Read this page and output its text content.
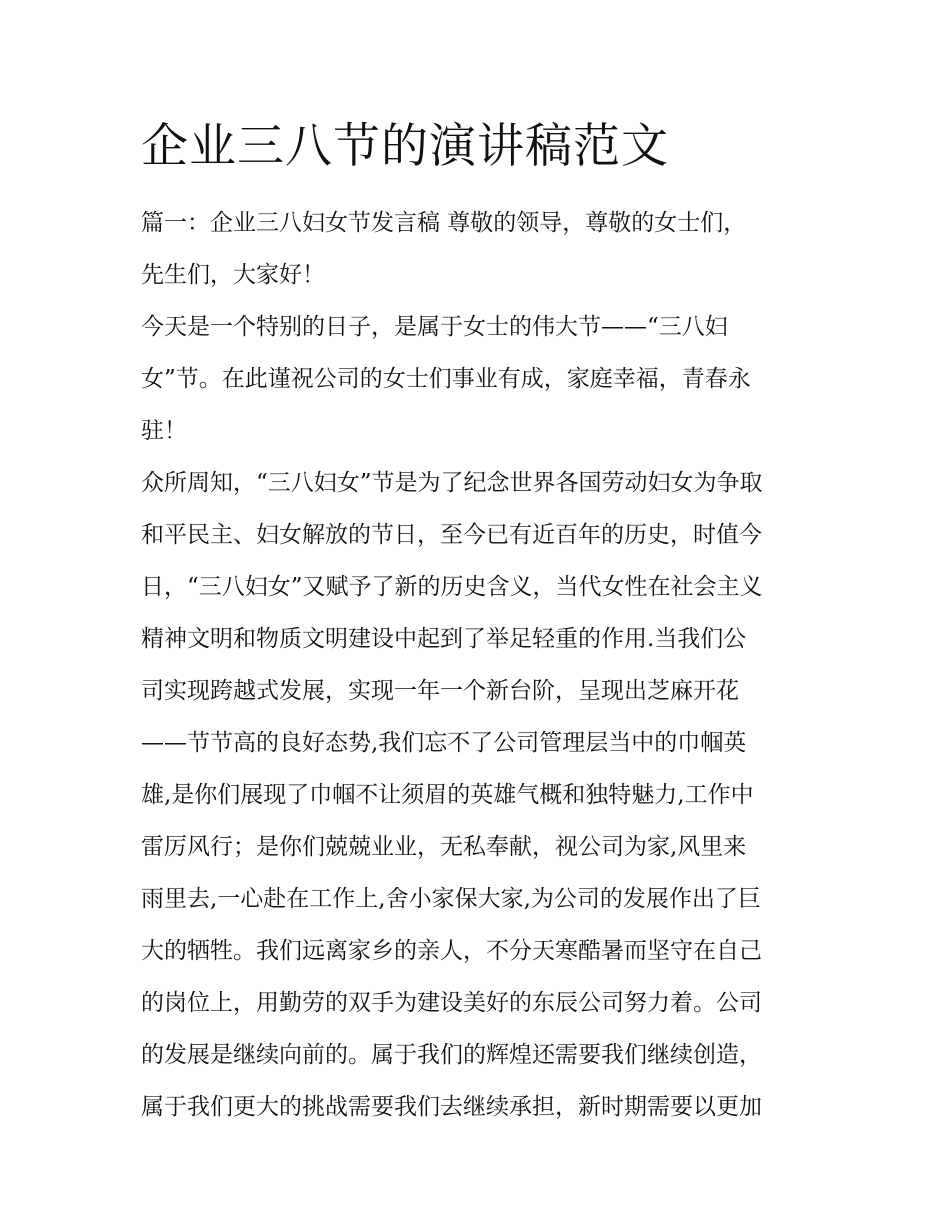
企业三八节的演讲稿范文
篇一：企业三八妇女节发言稿 尊敬的领导，尊敬的女士们，
先生们，大家好！
今天是一个特别的日子，是属于女士的伟大节——“三八妇
女”节。在此谨祝公司的女士们事业有成，家庭幸福，青春永
驻！
众所周知，“三八妇女”节是为了纪念世界各国劳动妇女为争取
和平民主、妇女解放的节日，至今已有近百年的历史，时值今
日，“三八妇女”又赋予了新的历史含义，当代女性在社会主义
精神文明和物质文明建设中起到了举足轻重的作用.当我们公
司实现跨越式发展，实现一年一个新台阶，呈现出芝麻开花
——节节高的良好态势,我们忘不了公司管理层当中的巾帼英
雄,是你们展现了巾帼不让须眉的英雄气概和独特魅力,工作中
雷厉风行；是你们兢兢业业，无私奉献，视公司为家,风里来
雨里去,一心赴在工作上,舍小家保大家,为公司的发展作出了巨
大的牺牲。我们远离家乡的亲人，不分天寒酷暑而坚守在自己
的岗位上，用勤劳的双手为建设美好的东辰公司努力着。公司
的发展是继续向前的。属于我们的辉煌还需要我们继续创造，
属于我们更大的挑战需要我们去继续承担，新时期需要以更加
